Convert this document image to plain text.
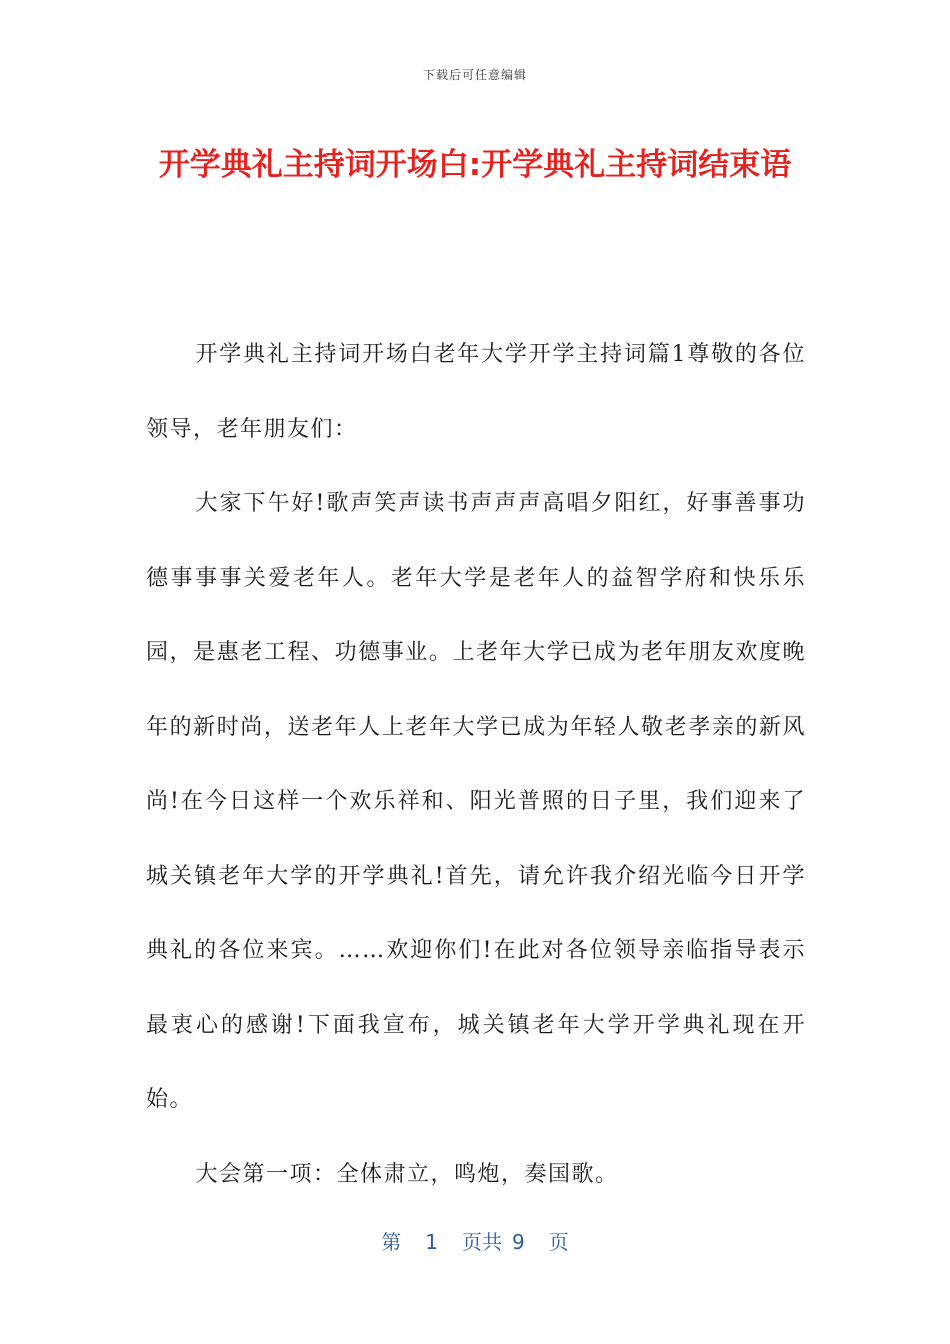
下载后可任意编辑
开学典礼主持词开场白:开学典礼主持词结束语

开学典礼主持词开场白老年大学开学主持词篇1尊敬的各位领导，老年朋友们：

大家下午好!歌声笑声读书声声声高唱夕阳红，好事善事功德事事事关爱老年人。老年大学是老年人的益智学府和快乐乐园，是惠老工程、功德事业。上老年大学已成为老年朋友欢度晚年的新时尚，送老年人上老年大学已成为年轻人敬老孝亲的新风尚!在今日这样一个欢乐祥和、阳光普照的日子里，我们迎来了城关镇老年大学的开学典礼!首先，请允许我介绍光临今日开学典礼的各位来宾。……欢迎你们!在此对各位领导亲临指导表示最衷心的感谢!下面我宣布，城关镇老年大学开学典礼现在开始。

大会第一项：全体肃立，鸣炮，奏国歌。

第 1 页共 9 页
